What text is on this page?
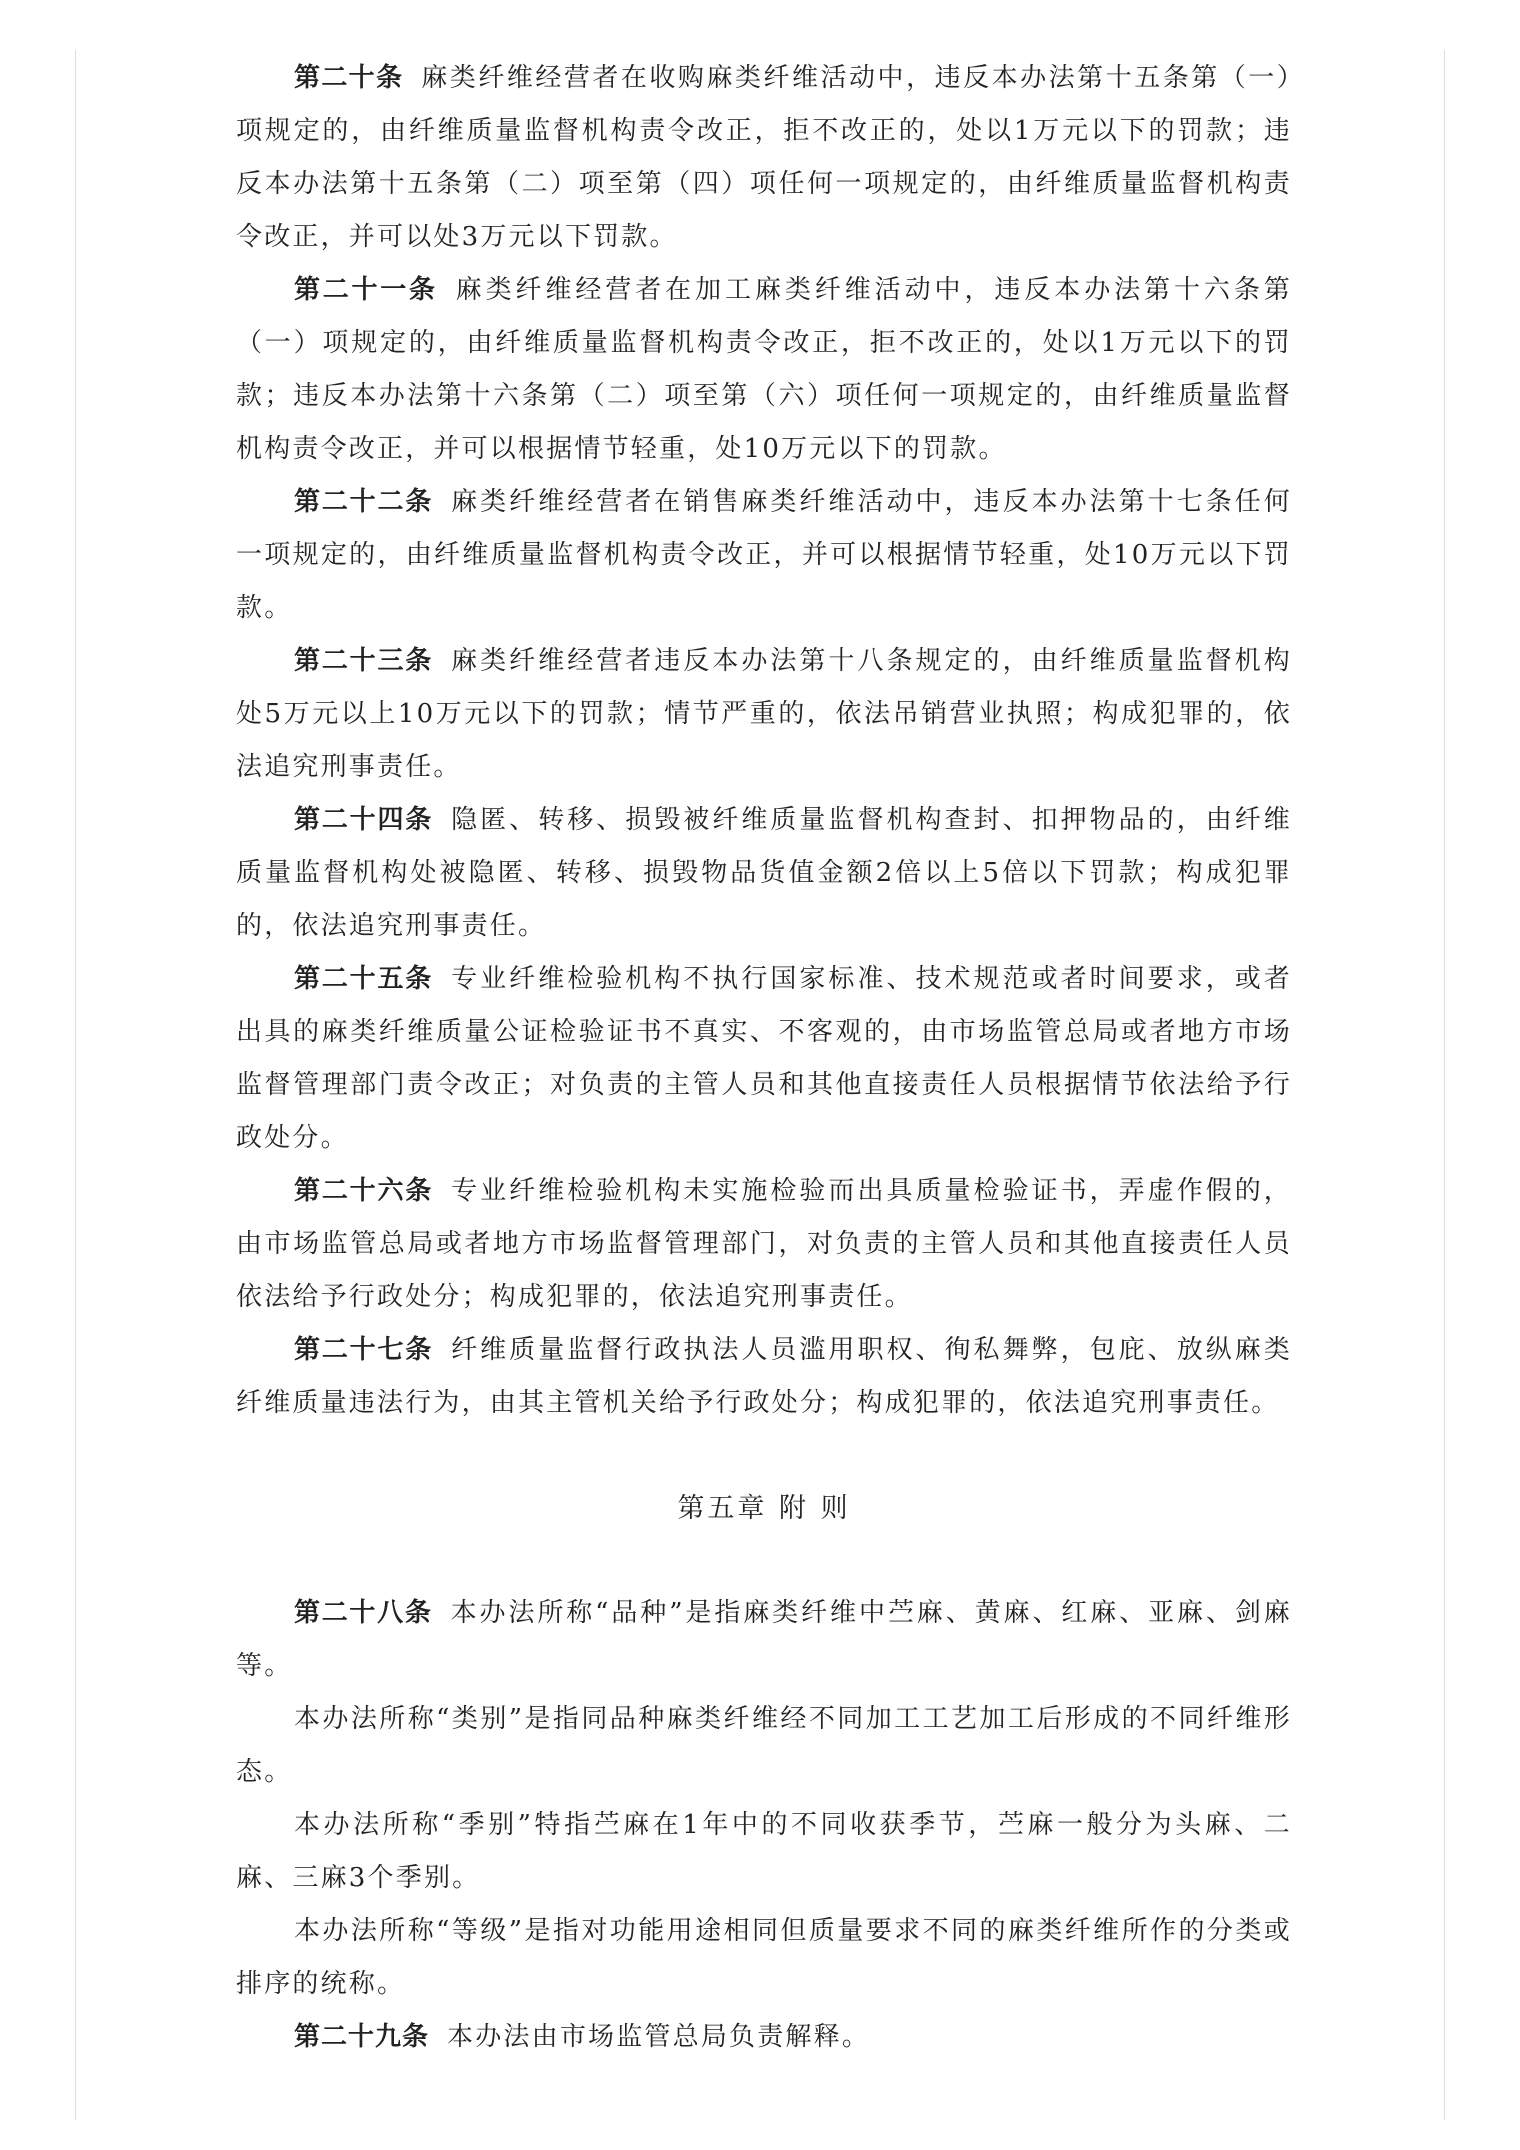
第二十条 麻类纤维经营者在收购麻类纤维活动中，违反本办法第十五条第（一）项规定的，由纤维质量监督机构责令改正，拒不改正的，处以1万元以下的罚款；违反本办法第十五条第（二）项至第（四）项任何一项规定的，由纤维质量监督机构责令改正，并可以处3万元以下罚款。

第二十一条 麻类纤维经营者在加工麻类纤维活动中，违反本办法第十六条第（一）项规定的，由纤维质量监督机构责令改正，拒不改正的，处以1万元以下的罚款；违反本办法第十六条第（二）项至第（六）项任何一项规定的，由纤维质量监督机构责令改正，并可以根据情节轻重，处10万元以下的罚款。

第二十二条 麻类纤维经营者在销售麻类纤维活动中，违反本办法第十七条任何一项规定的，由纤维质量监督机构责令改正，并可以根据情节轻重，处10万元以下罚款。

第二十三条 麻类纤维经营者违反本办法第十八条规定的，由纤维质量监督机构处5万元以上10万元以下的罚款；情节严重的，依法吊销营业执照；构成犯罪的，依法追究刑事责任。

第二十四条 隐匿、转移、损毁被纤维质量监督机构查封、扣押物品的，由纤维质量监督机构处被隐匿、转移、损毁物品货值金额2倍以上5倍以下罚款；构成犯罪的，依法追究刑事责任。

第二十五条 专业纤维检验机构不执行国家标准、技术规范或者时间要求，或者出具的麻类纤维质量公证检验证书不真实、不客观的，由市场监管总局或者地方市场监督管理部门责令改正；对负责的主管人员和其他直接责任人员根据情节依法给予行政处分。

第二十六条 专业纤维检验机构未实施检验而出具质量检验证书，弄虚作假的，由市场监管总局或者地方市场监督管理部门，对负责的主管人员和其他直接责任人员依法给予行政处分；构成犯罪的，依法追究刑事责任。

第二十七条 纤维质量监督行政执法人员滥用职权、徇私舞弊，包庇、放纵麻类纤维质量违法行为，由其主管机关给予行政处分；构成犯罪的，依法追究刑事责任。

第五章 附 则

第二十八条 本办法所称“品种”是指麻类纤维中苎麻、黄麻、红麻、亚麻、剑麻等。

本办法所称“类别”是指同品种麻类纤维经不同加工工艺加工后形成的不同纤维形态。

本办法所称“季别”特指苎麻在1年中的不同收获季节，苎麻一般分为头麻、二麻、三麻3个季别。

本办法所称“等级”是指对功能用途相同但质量要求不同的麻类纤维所作的分类或排序的统称。

第二十九条 本办法由市场监管总局负责解释。
